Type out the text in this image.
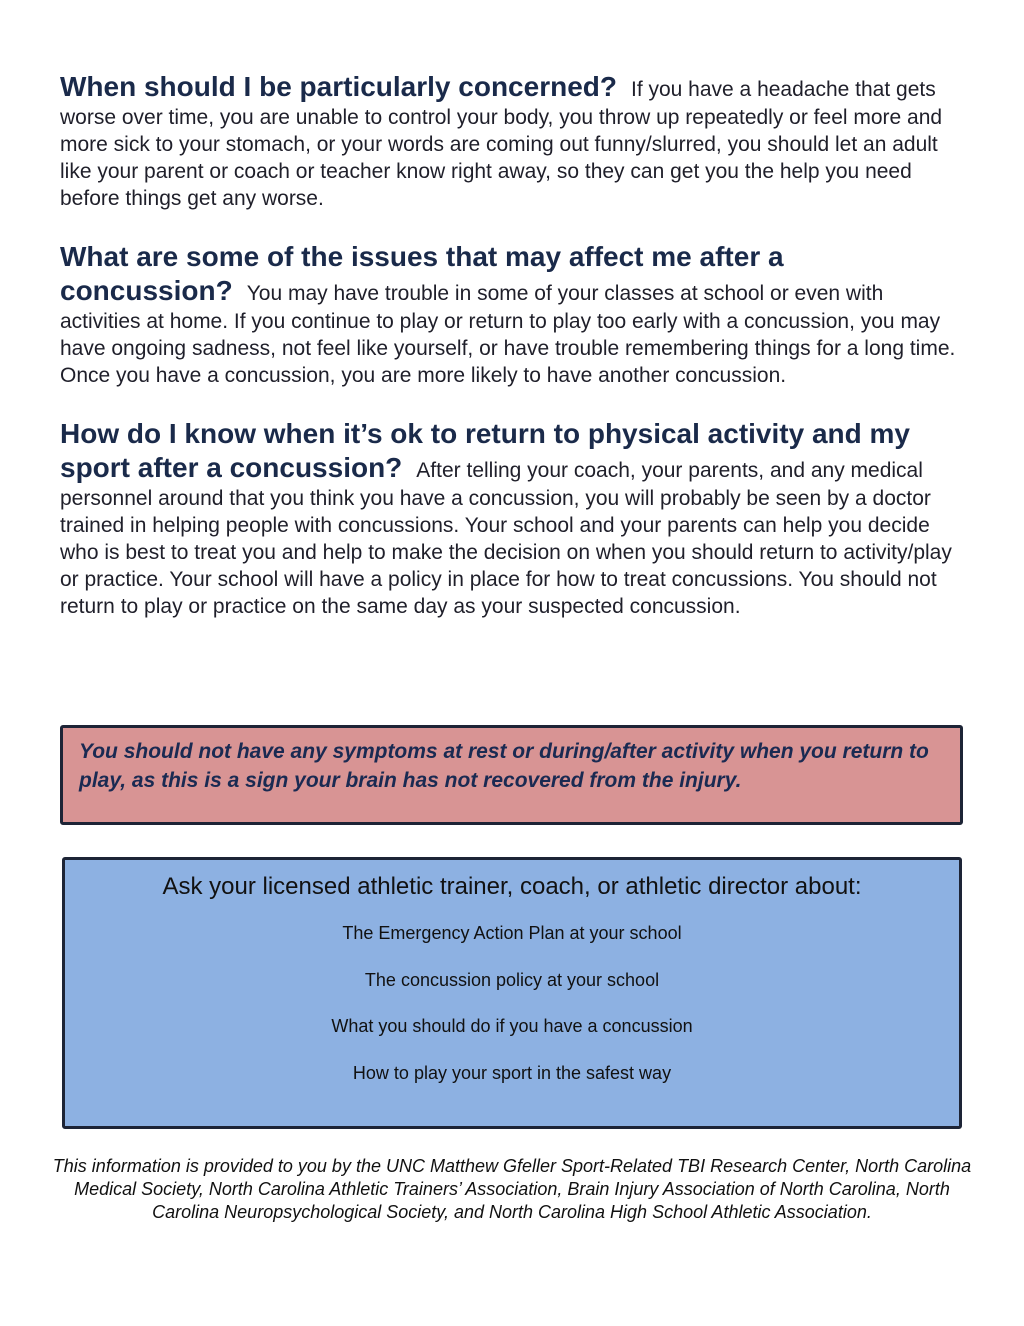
When should I be particularly concerned? If you have a headache that gets worse over time, you are unable to control your body, you throw up repeatedly or feel more and more sick to your stomach, or your words are coming out funny/slurred, you should let an adult like your parent or coach or teacher know right away, so they can get you the help you need before things get any worse.

What are some of the issues that may affect me after a concussion? You may have trouble in some of your classes at school or even with activities at home. If you continue to play or return to play too early with a concussion, you may have ongoing sadness, not feel like yourself, or have trouble remembering things for a long time. Once you have a concussion, you are more likely to have another concussion.

How do I know when it’s ok to return to physical activity and my sport after a concussion? After telling your coach, your parents, and any medical personnel around that you think you have a concussion, you will probably be seen by a doctor trained in helping people with concussions. Your school and your parents can help you decide who is best to treat you and help to make the decision on when you should return to activity/play or practice. Your school will have a policy in place for how to treat concussions. You should not return to play or practice on the same day as your suspected concussion.

You should not have any symptoms at rest or during/after activity when you return to play, as this is a sign your brain has not recovered from the injury.
Ask your licensed athletic trainer, coach, or athletic director about:
The Emergency Action Plan at your school
The concussion policy at your school
What you should do if you have a concussion
How to play your sport in the safest way
This information is provided to you by the UNC Matthew Gfeller Sport-Related TBI Research Center, North Carolina Medical Society, North Carolina Athletic Trainers’ Association, Brain Injury Association of North Carolina, North Carolina Neuropsychological Society, and North Carolina High School Athletic Association.
